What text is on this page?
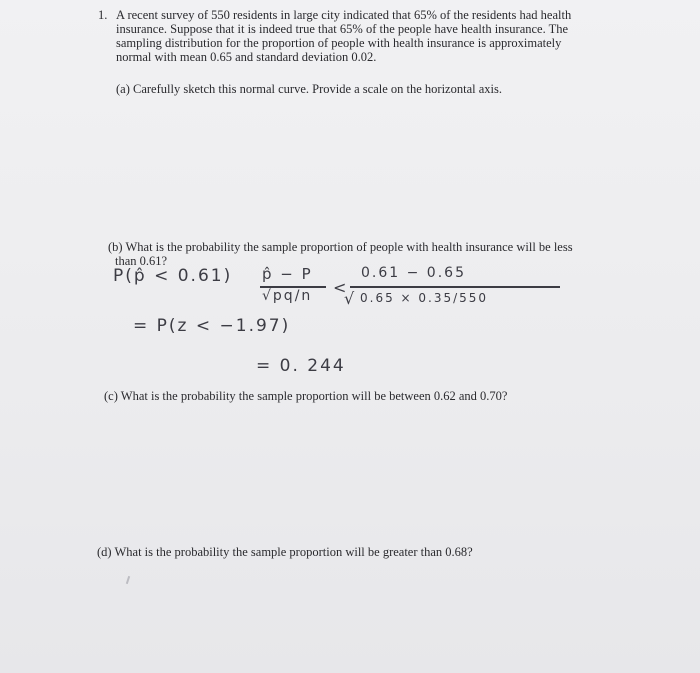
1. A recent survey of 550 residents in large city indicated that 65% of the residents had health
insurance. Suppose that it is indeed true that 65% of the people have health insurance. The
sampling distribution for the proportion of people with health insurance is approximately
normal with mean 0.65 and standard deviation 0.02.
(a) Carefully sketch this normal curve. Provide a scale on the horizontal axis.
(b) What is the probability the sample proportion of people with health insurance will be less
than 0.61?
P(p̂ < 0.61) p̂ − P
√pq/n <
0.61 − 0.65
√ 0.65 × 0.35/550
= P(z < −1.97)
= 0. 244
(c) What is the probability the sample proportion will be between 0.62 and 0.70?
(d) What is the probability the sample proportion will be greater than 0.68?
